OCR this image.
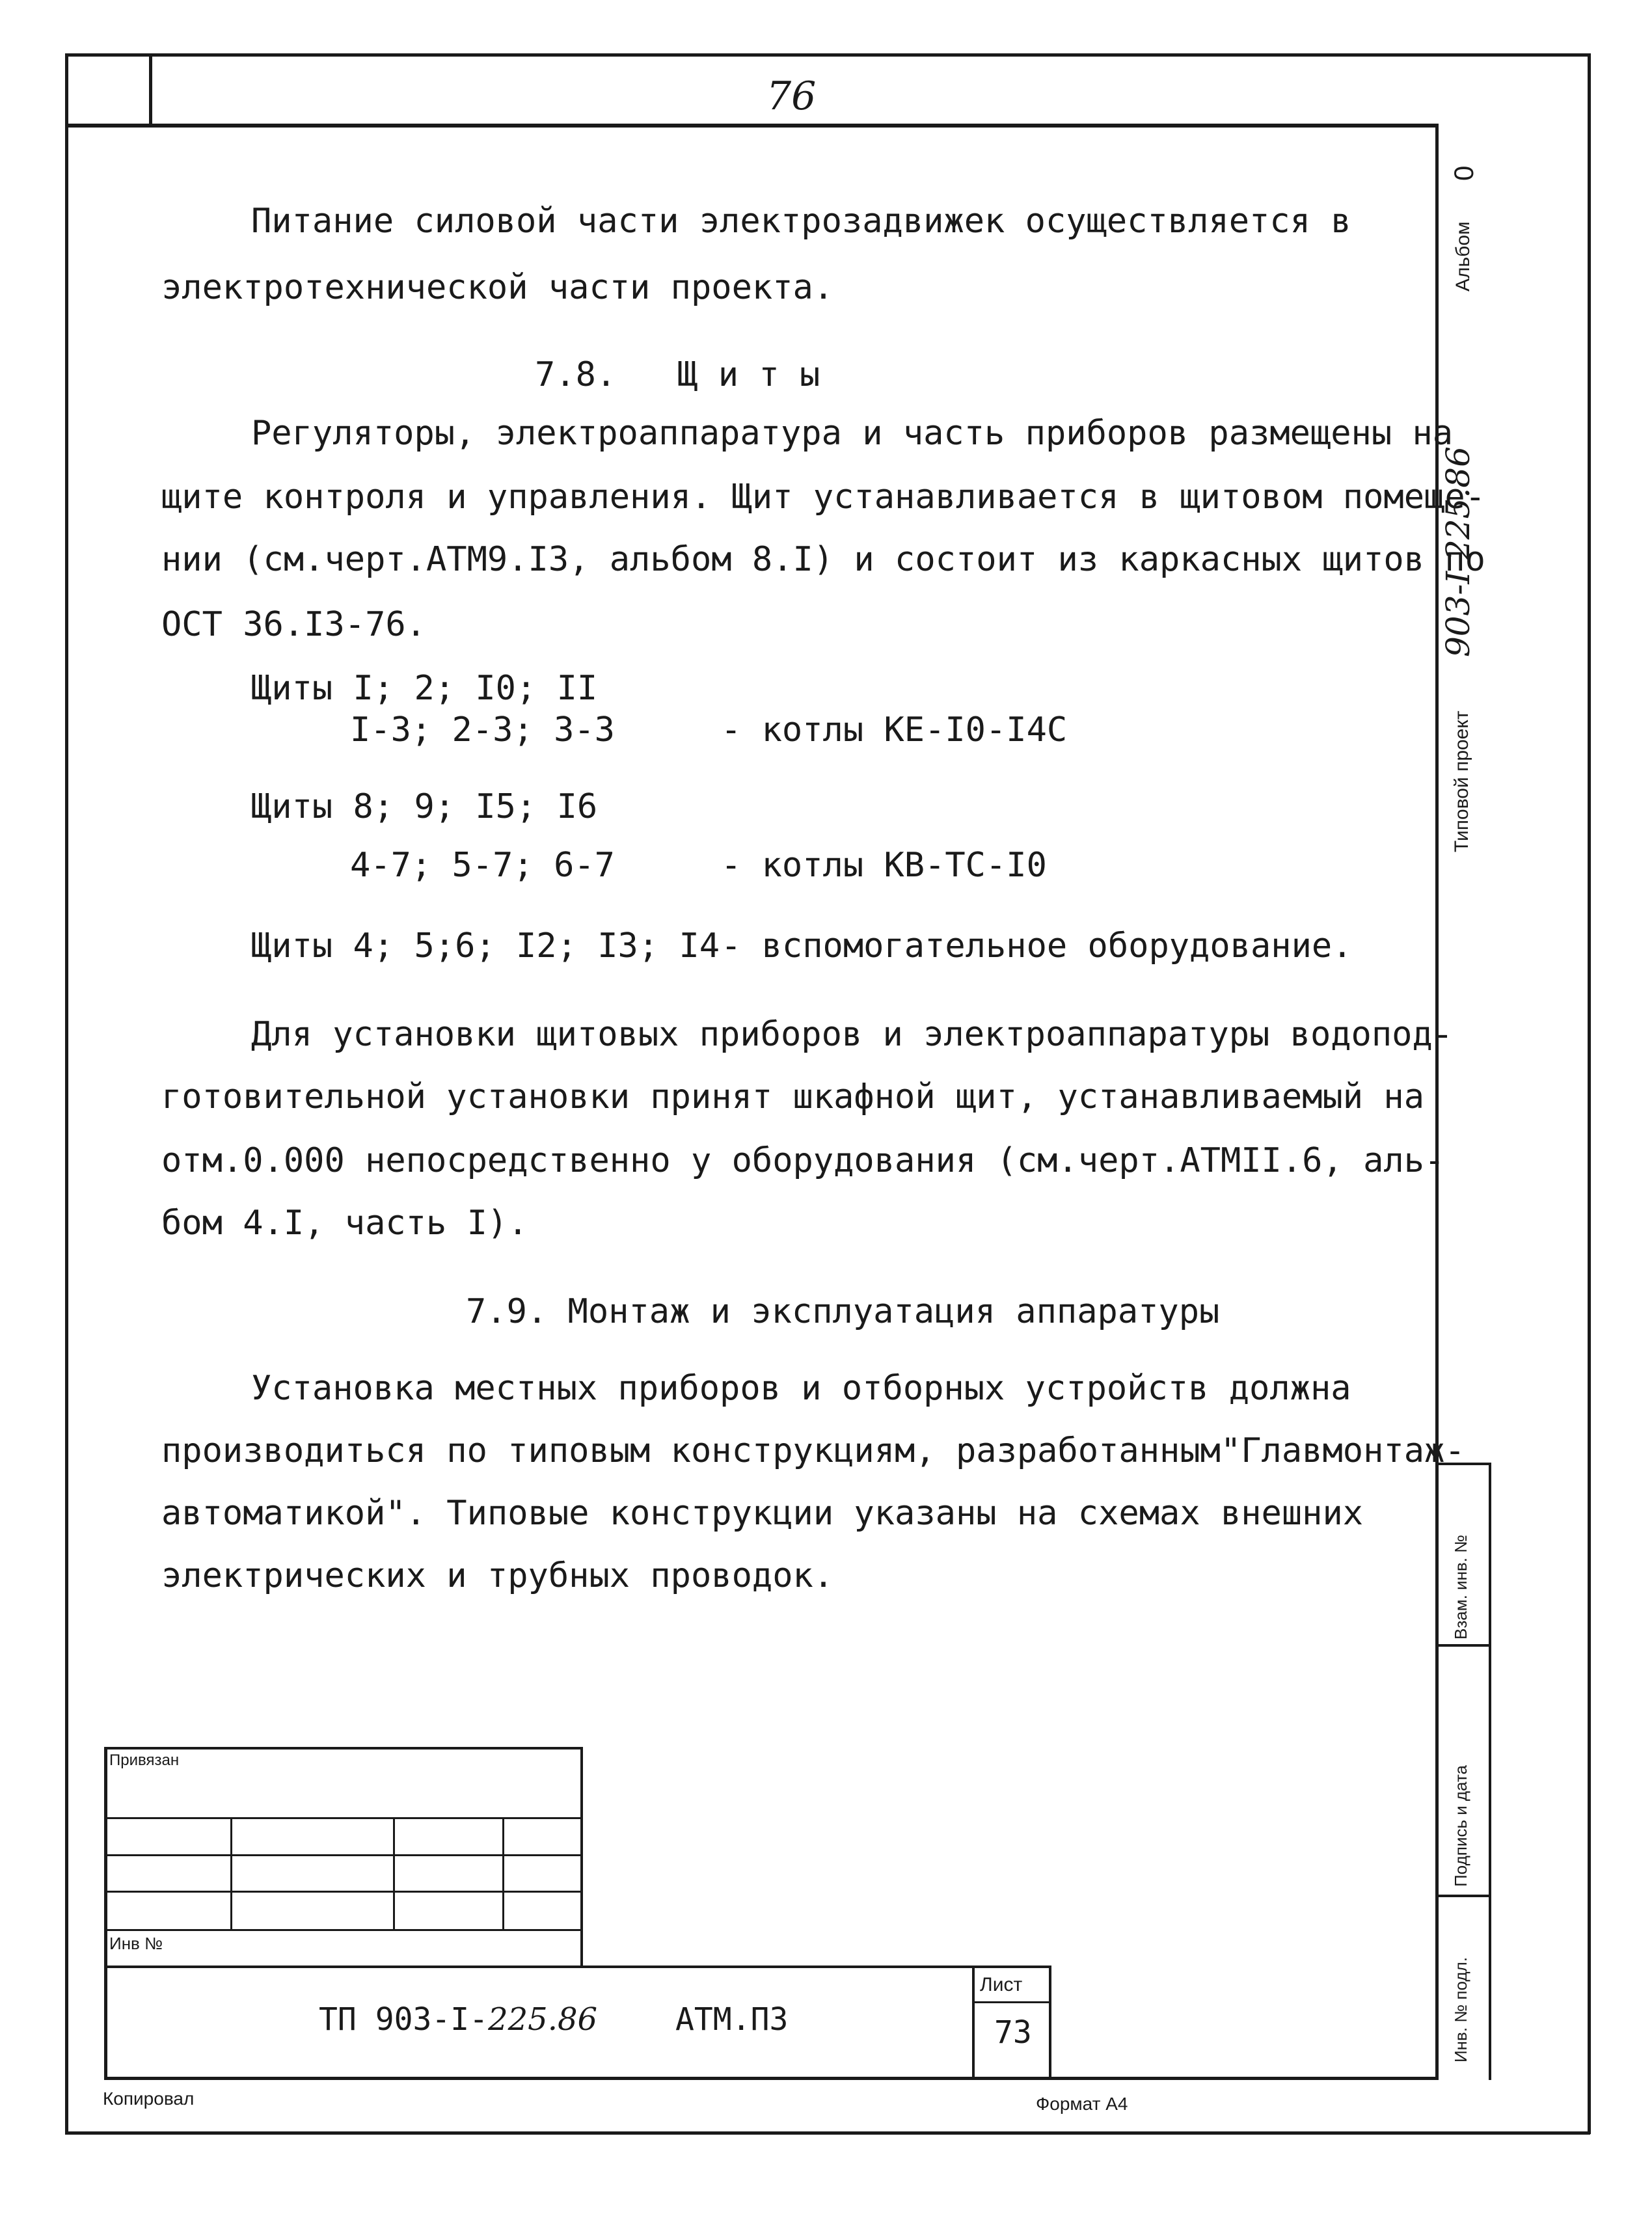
76
Питание силовой части электрозадвижек осуществляется в
электротехнической части проекта.
7.8.   Щ и т ы
Регуляторы, электроаппаратура и часть приборов размещены на
щите контроля и управления. Щит устанавливается в щитовом помеще-
нии (см.черт.АТМ9.I3, альбом 8.I) и состоит из каркасных щитов по
ОСТ 36.I3-76.
Щиты I; 2; I0; II
I-3; 2-3; 3-3	- котлы КЕ-I0-I4С
Щиты 8; 9; I5; I6
4-7; 5-7; 6-7	- котлы КВ-ТС-I0
Щиты 4; 5;6; I2; I3; I4 - вспомогательное оборудование.
Для установки щитовых приборов и электроаппаратуры водопод-
готовительной установки принят шкафной щит, устанавливаемый на
отм.0.000 непосредственно у оборудования (см.черт.АТМII.6, аль-
бом 4.I, часть I).
7.9. Монтаж и эксплуатация аппаратуры
Установка местных приборов и отборных устройств должна
производиться по типовым конструкциям, разработанным"Главмонтаж-
автоматикой". Типовые конструкции указаны на схемах внешних
электрических и трубных проводок.
Альбом
0
Типовой проект
903-I-225.86
Взам. инв. №
Подпись и дата
Инв. № подл.
Привязан
Инв №
ТП 903-I-225.86 АТМ.ПЗ
Лист
73
Копировал	Формат А4
